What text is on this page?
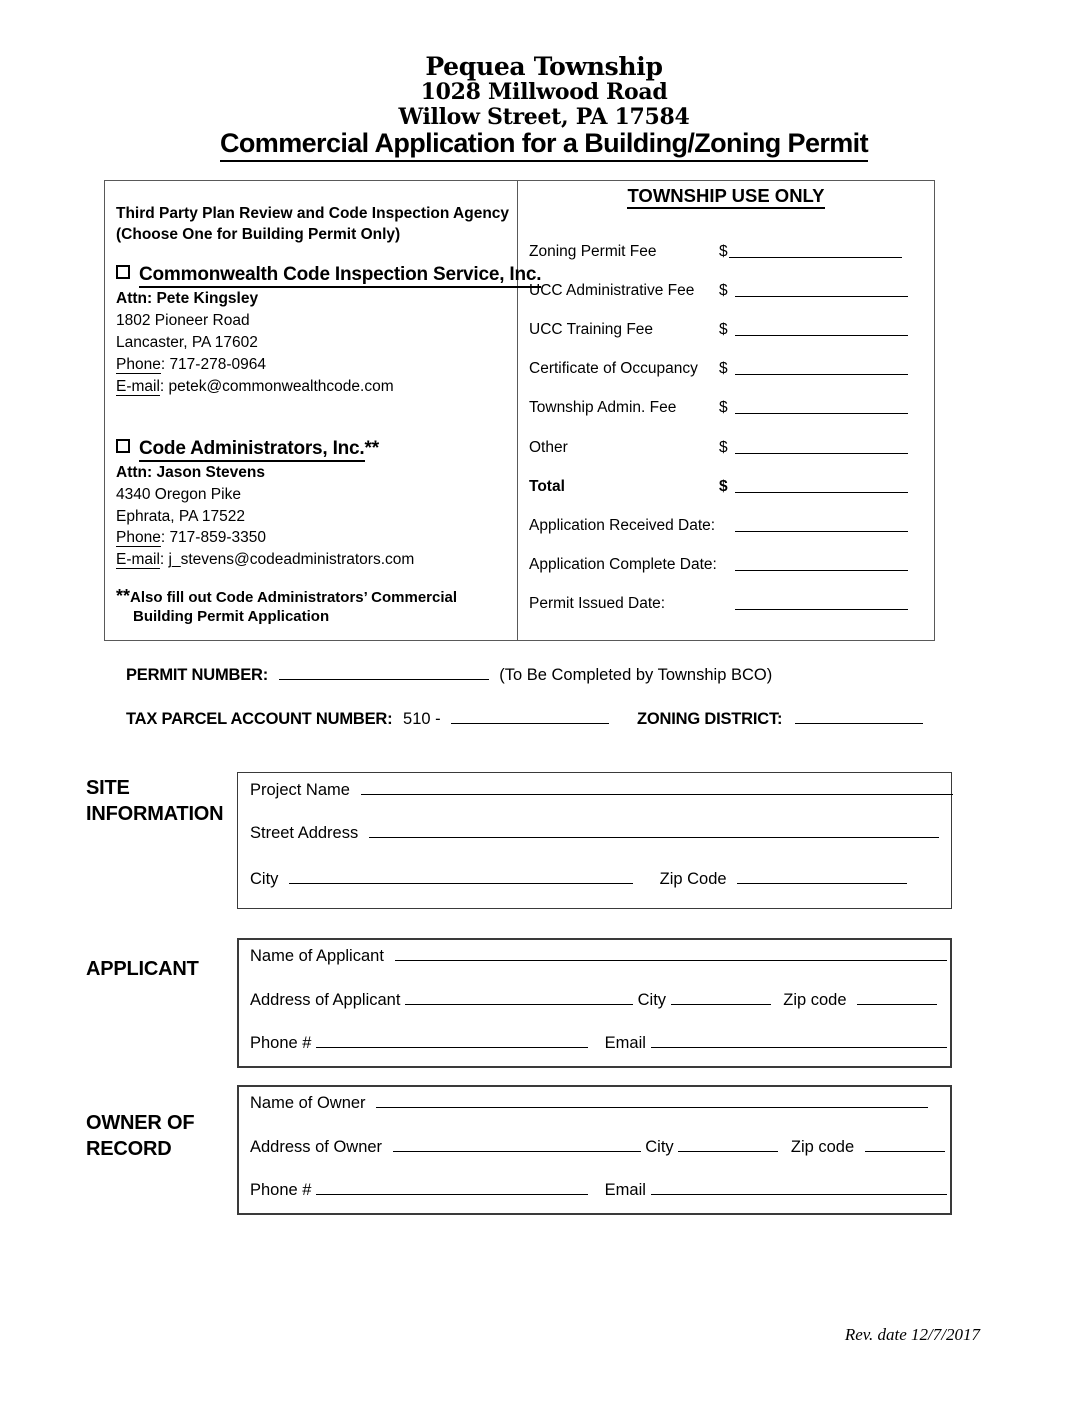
Pequea Township
1028 Millwood Road
Willow Street, PA 17584
Commercial Application for a Building/Zoning Permit
Third Party Plan Review and Code Inspection Agency
(Choose One for Building Permit Only)
Commonwealth Code Inspection Service, Inc.
Attn: Pete Kingsley
1802 Pioneer Road
Lancaster, PA 17602
Phone: 717-278-0964
E-mail: petek@commonwealthcode.com
Code Administrators, Inc.**
Attn: Jason Stevens
4340 Oregon Pike
Ephrata, PA 17522
Phone: 717-859-3350
E-mail: j_stevens@codeadministrators.com
**Also fill out Code Administrators’ Commercial
Building Permit Application
TOWNSHIP USE ONLY
Zoning Permit Fee	$
UCC Administrative Fee $
UCC Training Fee	$
Certificate of Occupancy $
Township Admin. Fee	$
Other	$
Total	$
Application Received Date:
Application Complete Date:
Permit Issued Date:
PERMIT NUMBER:	(To Be Completed by Township BCO)
TAX PARCEL ACCOUNT NUMBER: 510 -	ZONING DISTRICT:
SITE
INFORMATION
Project Name
Street Address
City	Zip Code
APPLICANT
Name of Applicant
Address of Applicant	City	Zip code
Phone #	Email
OWNER OF
RECORD
Name of Owner
Address of Owner	City	Zip code
Phone #	Email
Rev. date 12/7/2017
